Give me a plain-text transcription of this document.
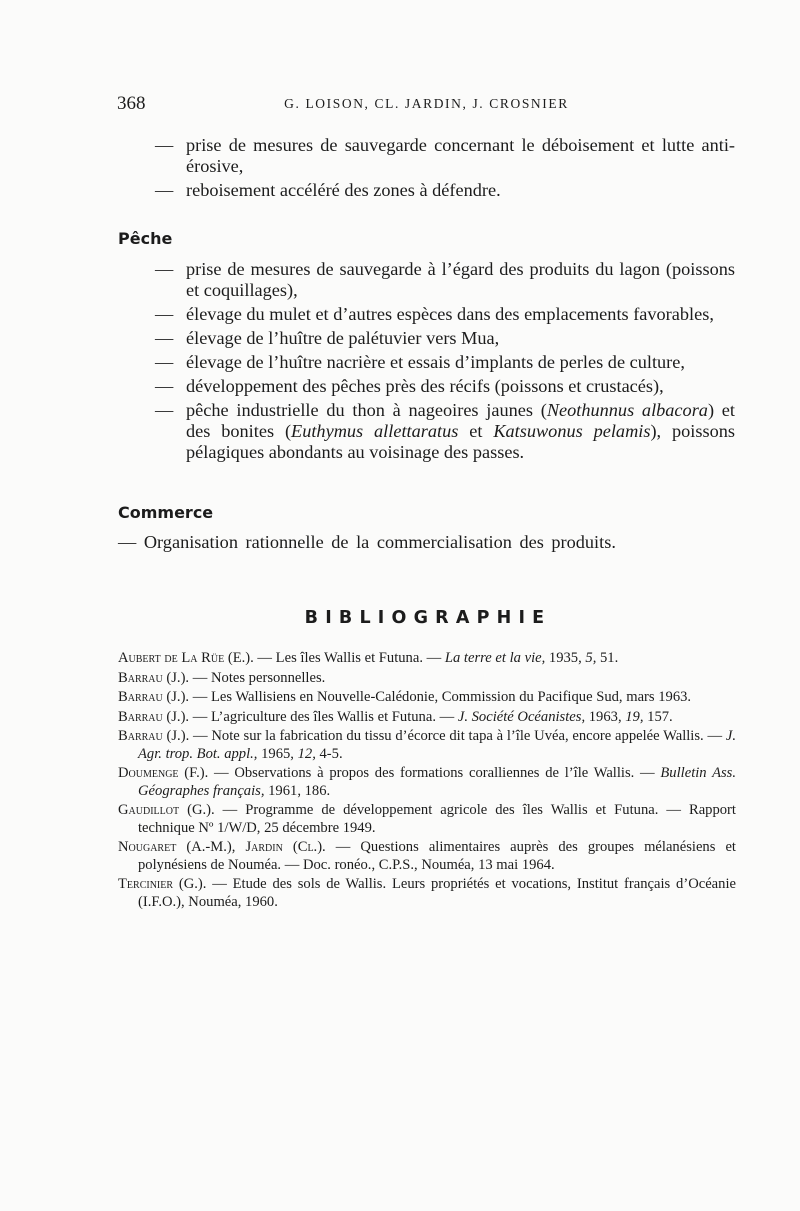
368	G. LOISON, CL. JARDIN, J. CROSNIER
— prise de mesures de sauvegarde concernant le déboisement et lutte anti-érosive,
— reboisement accéléré des zones à défendre.
Pêche
— prise de mesures de sauvegarde à l’égard des produits du lagon (poissons et coquillages),
— élevage du mulet et d’autres espèces dans des emplacements favorables,
— élevage de l’huître de palétuvier vers Mua,
— élevage de l’huître nacrière et essais d’implants de perles de culture,
— développement des pêches près des récifs (poissons et crustacés),
— pêche industrielle du thon à nageoires jaunes (Neothunnus albacora) et des bonites (Euthymus allettaratus et Katsuwonus pelamis), poissons pélagiques abondants au voisinage des passes.
Commerce
— Organisation rationnelle de la commercialisation des produits.
BIBLIOGRAPHIE
Aubert de La Rüe (E.). — Les îles Wallis et Futuna. — La terre et la vie, 1935, 5, 51.
Barrau (J.). — Notes personnelles.
Barrau (J.). — Les Wallisiens en Nouvelle-Calédonie, Commission du Pacifique Sud, mars 1963.
Barrau (J.). — L’agriculture des îles Wallis et Futuna. — J. Société Océanistes, 1963, 19, 157.
Barrau (J.). — Note sur la fabrication du tissu d’écorce dit tapa à l’île Uvéa, encore appelée Wallis. — J. Agr. trop. Bot. appl., 1965, 12, 4-5.
Doumenge (F.). — Observations à propos des formations coralliennes de l’île Wallis. — Bulletin Ass. Géographes français, 1961, 186.
Gaudillot (G.). — Programme de développement agricole des îles Wallis et Futuna. — Rapport technique Nº 1/W/D, 25 décembre 1949.
Nougaret (A.-M.), Jardin (Cl.). — Questions alimentaires auprès des groupes mélanésiens et polynésiens de Nouméa. — Doc. ronéo., C.P.S., Nouméa, 13 mai 1964.
Tercinier (G.). — Etude des sols de Wallis. Leurs propriétés et vocations, Institut français d’Océanie (I.F.O.), Nouméa, 1960.
